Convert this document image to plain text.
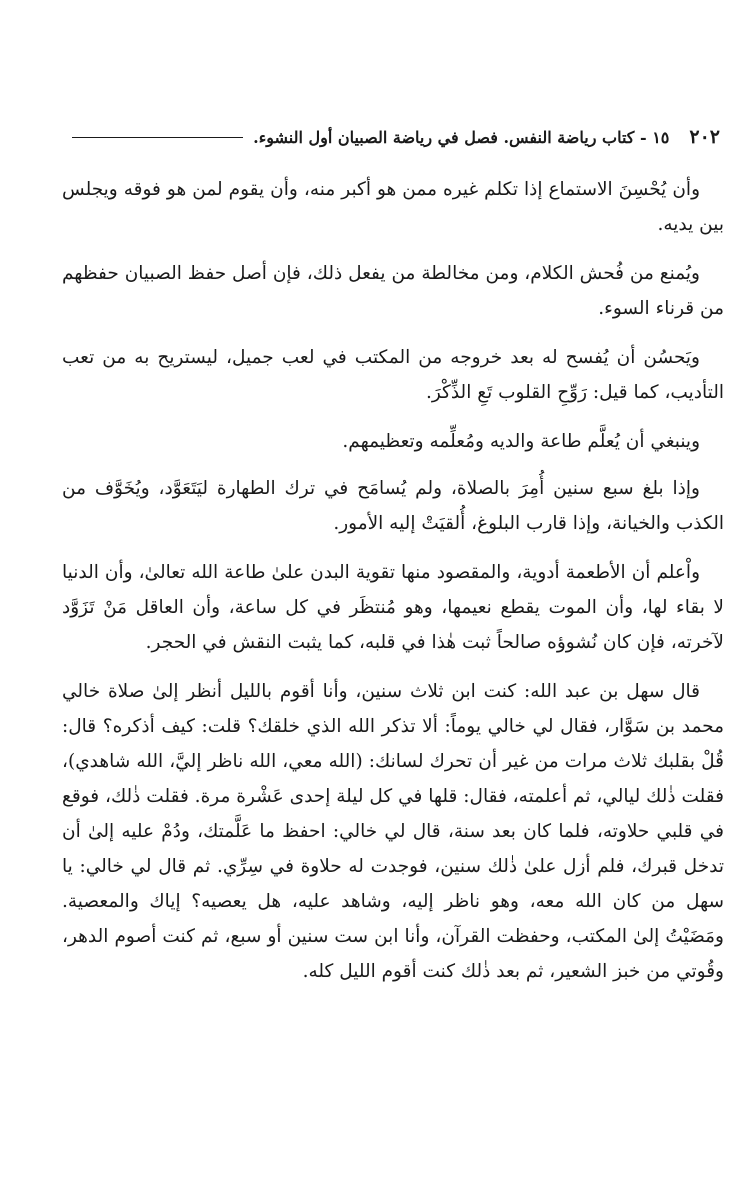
٢٠٢
١٥ - كتاب رياضة النفس. فصل في رياضة الصبيان أول النشوء.

وأن يُحْسِنَ الاستماع إذا تكلم غيره ممن هو أكبر منه، وأن يقوم لمن هو فوقه ويجلس بين يديه.

ويُمنع من فُحش الكلام، ومن مخالطة من يفعل ذلك، فإن أصل حفظ الصبيان حفظهم من قرناء السوء.

ويَحسُن أن يُفسح له بعد خروجه من المكتب في لعب جميل، ليستريح به من تعب التأديب، كما قيل: رَوِّحِ القلوب تَعِ الذِّكْرَ.

وينبغي أن يُعلَّم طاعة والديه ومُعلِّمه وتعظيمهم.

وإذا بلغ سبع سنين أُمِرَ بالصلاة، ولم يُسامَح في ترك الطهارة ليَتَعَوَّد، ويُخَوَّف من الكذب والخيانة، وإذا قارب البلوغ، أُلقيَتْ إليه الأمور.

واْعلم أن الأطعمة أدوية، والمقصود منها تقوية البدن علىٰ طاعة الله تعالىٰ، وأن الدنيا لا بقاء لها، وأن الموت يقطع نعيمها، وهو مُنتظَر في كل ساعة، وأن العاقل مَنْ تَزَوَّد لآخرته، فإن كان نُشوؤه صالحاً ثبت هٰذا في قلبه، كما يثبت النقش في الحجر.

قال سهل بن عبد الله: كنت ابن ثلاث سنين، وأنا أقوم بالليل أنظر إلىٰ صلاة خالي محمد بن سَوَّار، فقال لي خالي يوماً: ألا تذكر الله الذي خلقك؟ قلت: كيف أذكره؟ قال: قُلْ بقلبك ثلاث مرات من غير أن تحرك لسانك: (الله معي، الله ناظر إليَّ، الله شاهدي)، فقلت ذٰلك ليالي، ثم أعلمته، فقال: قلها في كل ليلة إحدى عَشْرة مرة. فقلت ذٰلك، فوقع في قلبي حلاوته، فلما كان بعد سنة، قال لي خالي: احفظ ما عَلَّمتك، ودُمْ عليه إلىٰ أن تدخل قبرك، فلم أزل علىٰ ذٰلك سنين، فوجدت له حلاوة في سِرِّي. ثم قال لي خالي: يا سهل من كان الله معه، وهو ناظر إليه، وشاهد عليه، هل يعصيه؟ إياك والمعصية. ومَضَيْتُ إلىٰ المكتب، وحفظت القرآن، وأنا ابن ست سنين أو سبع، ثم كنت أصوم الدهر، وقُوتي من خبز الشعير، ثم بعد ذٰلك كنت أقوم الليل كله.
